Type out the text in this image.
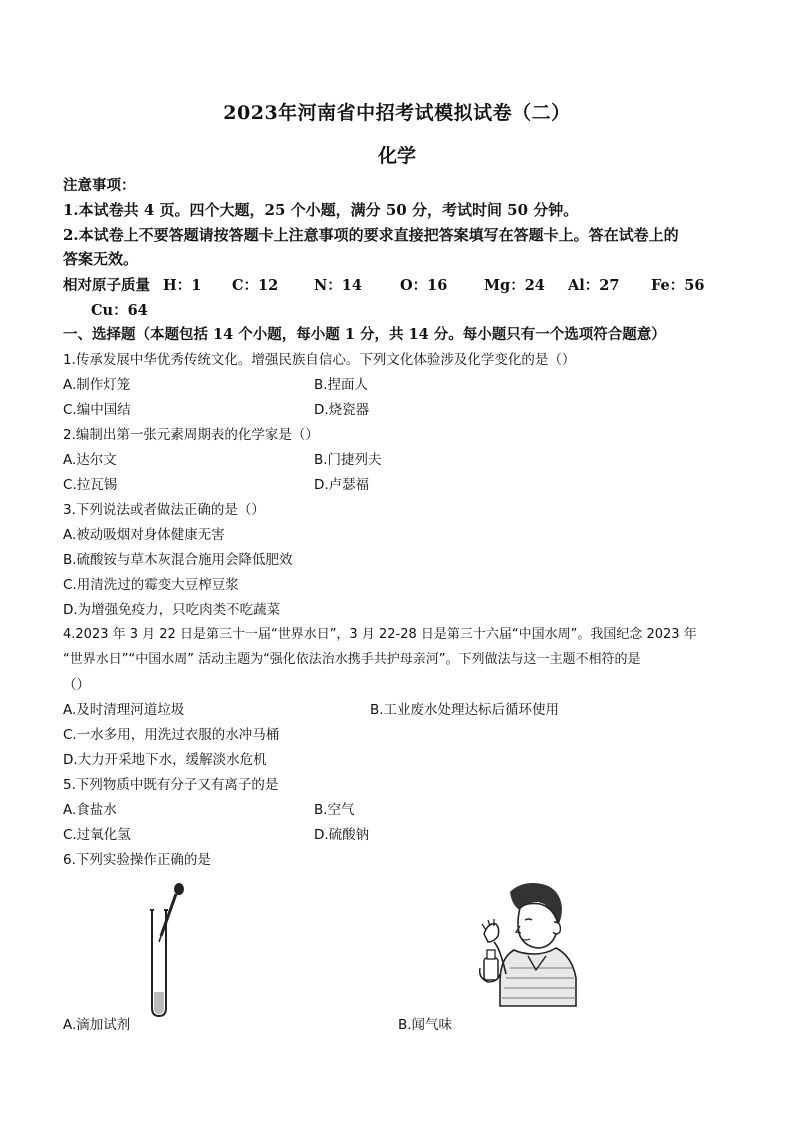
2023年河南省中招考试模拟试卷（二）
化学
注意事项：
1.本试卷共 4 页。四个大题，25 个小题，满分 50 分，考试时间 50 分钟。
2.本试卷上不要答题请按答题卡上注意事项的要求直接把答案填写在答题卡上。答在试卷上的
答案无效。
相对原子质量 H：1 C：12 N：14	O：16	Mg：24 Al：27 Fe：56
Cu：64
一、选择题（本题包括 14 个小题，每小题 1 分，共 14 分。每小题只有一个选项符合题意）
1.传承发展中华优秀传统文化。增强民族自信心。下列文化体验涉及化学变化的是（）
A.制作灯笼	B.捏面人
C.编中国结	D.烧瓷器
2.编制出第一张元素周期表的化学家是（）
A.达尔文	B.门捷列夫
C.拉瓦锡	D.卢瑟福
3.下列说法或者做法正确的是（）
A.被动吸烟对身体健康无害
B.硫酸铵与草木灰混合施用会降低肥效
C.用清洗过的霉变大豆榨豆浆
D.为增强免疫力，只吃肉类不吃蔬菜
4.2023 年 3 月 22 日是第三十一届“世界水日”，3 月 22-28 日是第三十六届“中国水周”。我国纪念 2023 年
“世界水日”“中国水周” 活动主题为“强化依法治水携手共护母亲河”。下列做法与这一主题不相符的是
（）
A.及时清理河道垃圾	B.工业废水处理达标后循环使用
C.一水多用，用洗过衣服的水冲马桶
D.大力开采地下水，缓解淡水危机
5.下列物质中既有分子又有离子的是
A.食盐水	B.空气
C.过氧化氢	D.硫酸钠
6.下列实验操作正确的是
A.滴加试剂	B.闻气味
